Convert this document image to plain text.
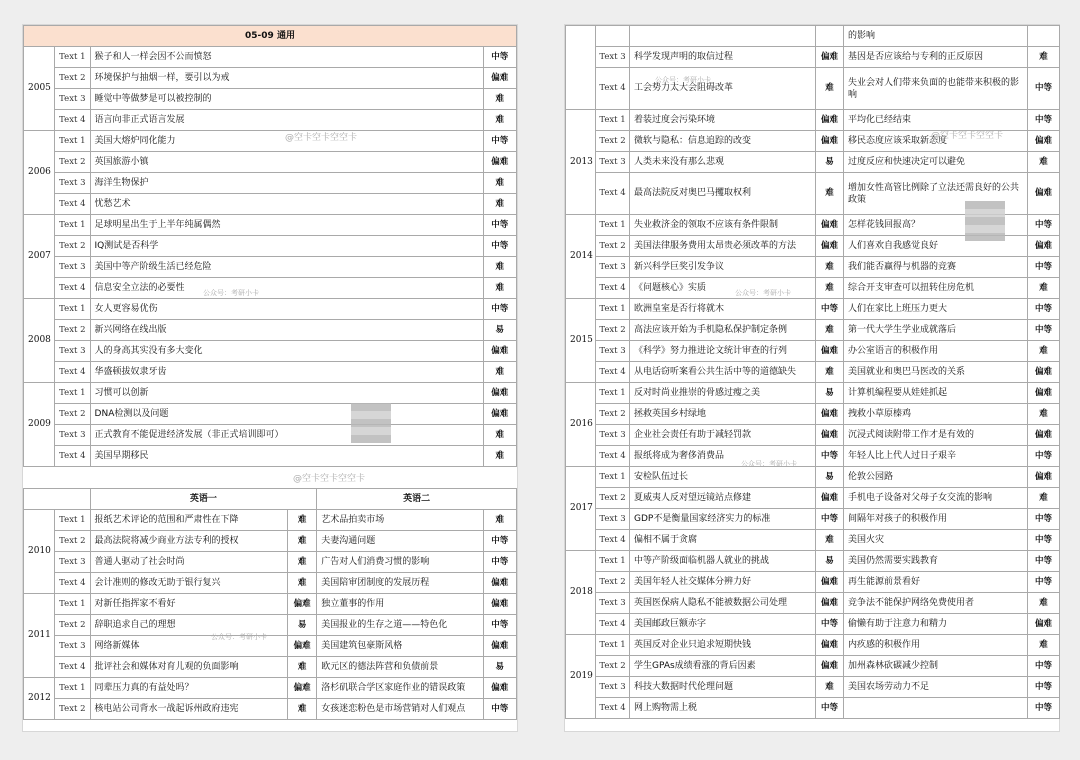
05-09 通用					
2005	Text 1	猴子和人一样会因不公而愤怒			中等
	Text 2	环境保护与抽烟一样，要引以为戒			偏难
	Text 3	睡觉中等做梦是可以被控制的			难
	Text 4	语言向非正式语言发展			难
2006	Text 1	美国大熔炉同化能力			中等
	Text 2	英国旅游小镇			偏难
	Text 3	海洋生物保护			难
	Text 4	忧愁艺术			难
2007	Text 1	足球明星出生于上半年纯属偶然			中等
	Text 2	IQ测试是否科学			中等
	Text 3	美国中等产阶级生活已经危险			难
	Text 4	信息安全立法的必要性			难
2008	Text 1	女人更容易优伤			中等
	Text 2	新兴网络在线出版			易
	Text 3	人的身高其实没有多大变化			偏难
	Text 4	华盛顿拔奴隶牙齿			难
2009	Text 1	习惯可以创新			偏难
	Text 2	DNA检测以及问题			偏难
	Text 3	正式教育不能促进经济发展（非正式培训即可）			难
	Text 4	美国早期移民			难

		英语一		英语二	
2010	Text 1	报纸艺术评论的范围和严肃性在下降	难	艺术品拍卖市场	难
	Text 2	最高法院将减少商业方法专利的授权	难	夫妻沟通问题	中等
	Text 3	普通人驱动了社会时尚	难	广告对人们消费习惯的影响	中等
	Text 4	会计准则的修改无助于银行复兴	难	美国陪审团制度的发展历程	偏难
2011	Text 1	对新任指挥家不看好	偏难	独立董事的作用	偏难
	Text 2	辞职追求自己的理想	易	美国报业的生存之道——特色化	中等
	Text 3	网络新媒体	偏难	美国建筑包豪斯风格	偏难
	Text 4	批评社会和媒体对育儿观的负面影响	难	欧元区的德法阵营和负债前景	易
2012	Text 1	同辈压力真的有益处吗？	偏难	洛杉矶联合学区家庭作业的错误政策	偏难
	Text 2	核电站公司背水一战起诉州政府违宪	难	女孩迷恋粉色是市场营销对人们观点	中等
@空卡空卡空空卡
@空卡空卡空空卡
公众号：考研小卡
公众号：考研小卡
				的影响	
	Text 3	科学发现声明的取信过程	偏难	基因是否应该给与专利的正反原因	难
	Text 4	工会势力太大会阻碍改革	难	失业会对人们带来负面的也能带来积极的影响	中等
2013	Text 1	着装过度会污染环境	偏难	平均化已经结束	中等
	Text 2	微软与隐私：信息追踪的改变	偏难	移民态度应该采取新态度	偏难
	Text 3	人类未来没有那么悲观	易	过度反应和快速决定可以避免	难
	Text 4	最高法院反对奥巴马攫取权利	难	增加女性高管比例除了立法还需良好的公共政策	偏难
2014	Text 1	失业救济金的领取不应该有条件限制	偏难	怎样花钱回报高？	中等
	Text 2	美国法律服务费用太昂贵必须改革的方法	偏难	人们喜欢自我感觉良好	偏难
	Text 3	新兴科学巨奖引发争议	难	我们能否赢得与机器的竞赛	中等
	Text 4	《问题核心》实质	难	综合开支审查可以扭转住房危机	难
2015	Text 1	欧洲皇室是否行将就木	中等	人们在家比上班压力更大	中等
	Text 2	高法应该开始为手机隐私保护制定条例	难	第一代大学生学业成就落后	中等
	Text 3	《科学》努力推进论文统计审查的行列	偏难	办公室语言的积极作用	难
	Text 4	从电话窃听案看公共生活中等的道德缺失	难	美国就业和奥巴马医改的关系	偏难
2016	Text 1	反对时尚业推崇的骨感过瘦之美	易	计算机编程要从娃娃抓起	偏难
	Text 2	拯救英国乡村绿地	偏难	拽救小草原榛鸡	难
	Text 3	企业社会责任有助于减轻罚款	偏难	沉浸式阅读附带工作才是有效的	偏难
	Text 4	报纸将成为奢侈消费品	中等	年轻人比上代人过日子艰辛	中等
2017	Text 1	安检队伍过长	易	伦敦公园路	偏难
	Text 2	夏威夷人反对望远镜站点修建	偏难	手机电子设备对父母子女交流的影响	难
	Text 3	GDP不是衡量国家经济实力的标准	中等	间隔年对孩子的积极作用	中等
	Text 4	偏相不属于贪腐	难	美国火灾	中等
2018	Text 1	中等产阶级面临机器人就业的挑战	易	美国仍然需要实践教育	中等
	Text 2	美国年轻人社交媒体分辨力好	偏难	再生能源前景看好	中等
	Text 3	英国医保病人隐私不能被数据公司处理	偏难	竞争法不能保护网络免费使用者	难
	Text 4	美国邮政巨额赤字	中等	偷懒有助于注意力和精力	偏难
2019	Text 1	英国反对企业只追求短期快钱	偏难	内疚感的积极作用	难
	Text 2	学生GPAs成绩看涨的背后因素	偏难	加州森林砍碳减少控制	中等
	Text 3	科技大数据时代伦理问题	难	美国农场劳动力不足	中等
	Text 4	网上购物需上税	中等		中等
@空卡空卡空空卡
公众号：考研小卡
公众号：考研小卡
公众号：考研小卡
